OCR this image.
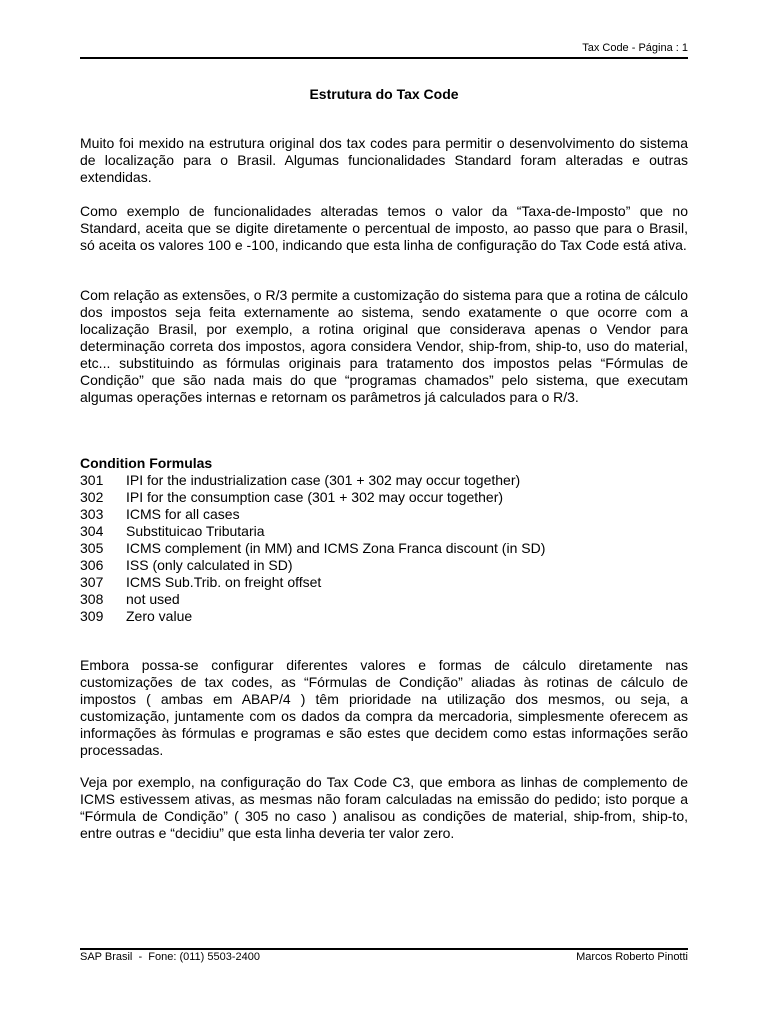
Tax Code - Página : 1
Estrutura do Tax Code

Muito foi mexido na estrutura original dos tax codes para permitir o desenvolvimento do sistema de localização para o Brasil. Algumas funcionalidades Standard foram alteradas e outras extendidas.

Como exemplo de funcionalidades alteradas temos o valor da “Taxa-de-Imposto” que no Standard, aceita que se digite diretamente o percentual de imposto, ao passo que para o Brasil, só aceita os valores 100 e -100, indicando que esta linha de configuração do Tax Code está ativa.

Com relação as extensões, o R/3 permite a customização do sistema para que a rotina de cálculo dos impostos seja feita externamente ao sistema, sendo exatamente o que ocorre com a localização Brasil, por exemplo, a rotina original que considerava apenas o Vendor para determinação correta dos impostos, agora considera Vendor, ship-from, ship-to, uso do material, etc... substituindo as fórmulas originais para tratamento dos impostos pelas “Fórmulas de Condição” que são nada mais do que “programas chamados” pelo sistema, que executam algumas operações internas e retornam os parâmetros já calculados para o R/3.

Condition Formulas
301	IPI for the industrialization case (301 + 302 may occur together)
302	IPI for the consumption case (301 + 302 may occur together)
303	ICMS for all cases
304	Substituicao Tributaria
305	ICMS complement (in MM) and ICMS Zona Franca discount (in SD)
306	ISS (only calculated in SD)
307	ICMS Sub.Trib. on freight offset
308	not used
309	Zero value

Embora possa-se configurar diferentes valores e formas de cálculo diretamente nas customizações de tax codes, as “Fórmulas de Condição” aliadas às rotinas de cálculo de impostos ( ambas em ABAP/4 ) têm prioridade na utilização dos mesmos, ou seja, a customização, juntamente com os dados da compra da mercadoria, simplesmente oferecem as informações às fórmulas e programas e são estes que decidem como estas informações serão processadas.

Veja por exemplo, na configuração do Tax Code C3, que embora as linhas de complemento de ICMS estivessem ativas, as mesmas não foram calculadas na emissão do pedido; isto porque a “Fórmula de Condição” ( 305 no caso ) analisou as condições de material, ship-from, ship-to, entre outras e “decidiu” que esta linha deveria ter valor zero.

SAP Brasil  -  Fone: (011) 5503-2400	Marcos Roberto Pinotti
